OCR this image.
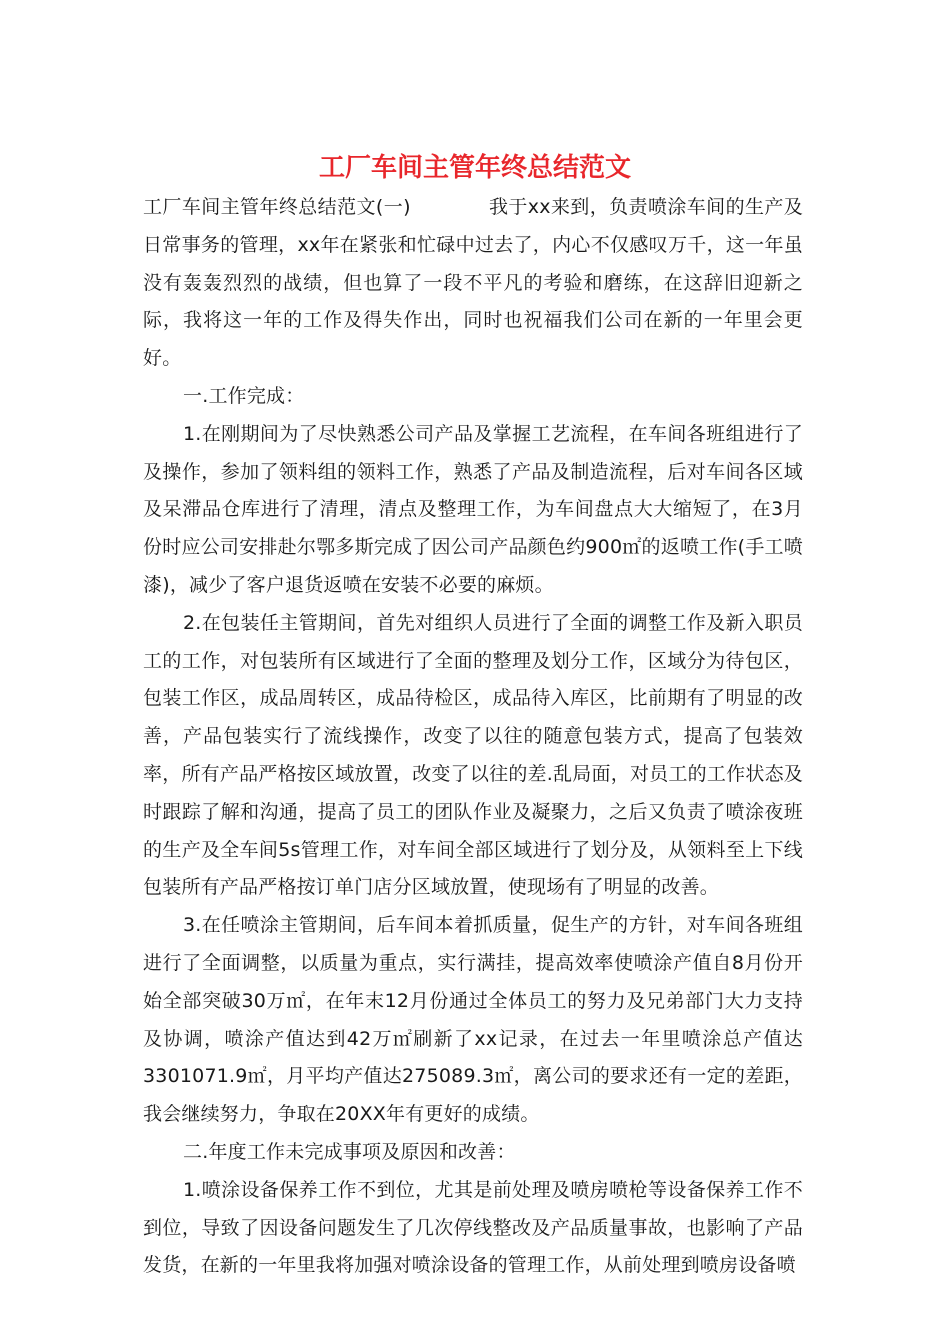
工厂车间主管年终总结范文

工厂车间主管年终总结范文(一)	我于xx来到，负责喷涂车间的生产及日常事务的管理，xx年在紧张和忙碌中过去了，内心不仅感叹万千，这一年虽没有轰轰烈烈的战绩，但也算了一段不平凡的考验和磨练，在这辞旧迎新之际，我将这一年的工作及得失作出，同时也祝福我们公司在新的一年里会更好。

一.工作完成：

1.在刚期间为了尽快熟悉公司产品及掌握工艺流程，在车间各班组进行了及操作，参加了领料组的领料工作，熟悉了产品及制造流程，后对车间各区域及呆滞品仓库进行了清理，清点及整理工作，为车间盘点大大缩短了，在3月份时应公司安排赴尔鄂多斯完成了因公司产品颜色约900㎡的返喷工作(手工喷漆)，减少了客户退货返喷在安装不必要的麻烦。

2.在包装任主管期间，首先对组织人员进行了全面的调整工作及新入职员工的工作，对包装所有区域进行了全面的整理及划分工作，区域分为待包区，包装工作区，成品周转区，成品待检区，成品待入库区，比前期有了明显的改善，产品包装实行了流线操作，改变了以往的随意包装方式，提高了包装效率，所有产品严格按区域放置，改变了以往的差.乱局面，对员工的工作状态及时跟踪了解和沟通，提高了员工的团队作业及凝聚力，之后又负责了喷涂夜班的生产及全车间5s管理工作，对车间全部区域进行了划分及，从领料至上下线包装所有产品严格按订单门店分区域放置，使现场有了明显的改善。

3.在任喷涂主管期间，后车间本着抓质量，促生产的方针，对车间各班组进行了全面调整，以质量为重点，实行满挂，提高效率使喷涂产值自8月份开始全部突破30万㎡，在年末12月份通过全体员工的努力及兄弟部门大力支持及协调，喷涂产值达到42万㎡刷新了xx记录，在过去一年里喷涂总产值达3301071.9㎡，月平均产值达275089.3㎡，离公司的要求还有一定的差距，我会继续努力，争取在20XX年有更好的成绩。

二.年度工作未完成事项及原因和改善：

1.喷涂设备保养工作不到位，尤其是前处理及喷房喷枪等设备保养工作不到位，导致了因设备问题发生了几次停线整改及产品质量事故，也影响了产品发货，在新的一年里我将加强对喷涂设备的管理工作，从前处理到喷房设备喷
